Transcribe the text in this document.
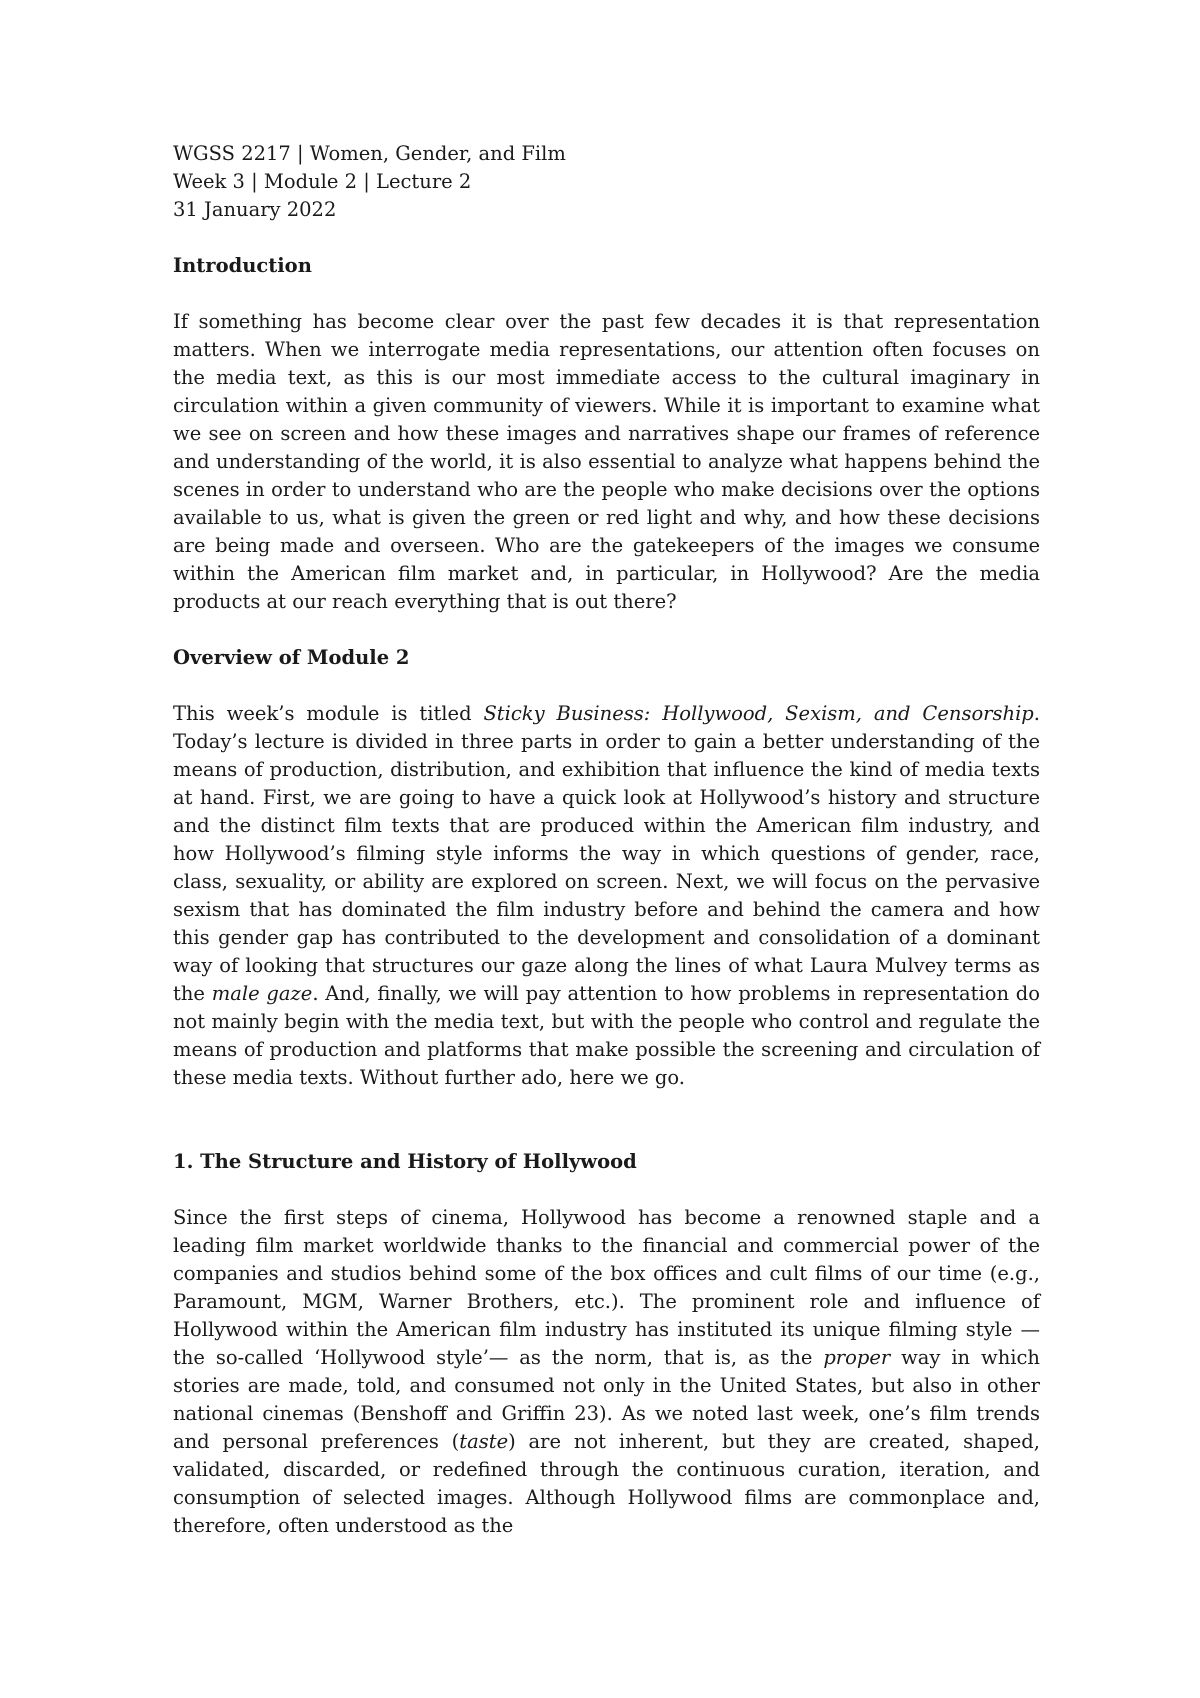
WGSS 2217 | Women, Gender, and Film
Week 3 | Module 2 | Lecture 2
31 January 2022
Introduction

If something has become clear over the past few decades it is that representation matters. When we interrogate media representations, our attention often focuses on the media text, as this is our most immediate access to the cultural imaginary in circulation within a given community of viewers. While it is important to examine what we see on screen and how these images and narratives shape our frames of reference and understanding of the world, it is also essential to analyze what happens behind the scenes in order to understand who are the people who make decisions over the options available to us, what is given the green or red light and why, and how these decisions are being made and overseen. Who are the gatekeepers of the images we consume within the American film market and, in particular, in Hollywood? Are the media products at our reach everything that is out there?

Overview of Module 2

This week’s module is titled Sticky Business: Hollywood, Sexism, and Censorship. Today’s lecture is divided in three parts in order to gain a better understanding of the means of production, distribution, and exhibition that influence the kind of media texts at hand. First, we are going to have a quick look at Hollywood’s history and structure and the distinct film texts that are produced within the American film industry, and how Hollywood’s filming style informs the way in which questions of gender, race, class, sexuality, or ability are explored on screen. Next, we will focus on the pervasive sexism that has dominated the film industry before and behind the camera and how this gender gap has contributed to the development and consolidation of a dominant way of looking that structures our gaze along the lines of what Laura Mulvey terms as the male gaze. And, finally, we will pay attention to how problems in representation do not mainly begin with the media text, but with the people who control and regulate the means of production and platforms that make possible the screening and circulation of these media texts. Without further ado, here we go.

1. The Structure and History of Hollywood

Since the first steps of cinema, Hollywood has become a renowned staple and a leading film market worldwide thanks to the financial and commercial power of the companies and studios behind some of the box offices and cult films of our time (e.g., Paramount, MGM, Warner Brothers, etc.). The prominent role and influence of Hollywood within the American film industry has instituted its unique filming style —the so-called ‘Hollywood style’— as the norm, that is, as the proper way in which stories are made, told, and consumed not only in the United States, but also in other national cinemas (Benshoff and Griffin 23). As we noted last week, one’s film trends and personal preferences (taste) are not inherent, but they are created, shaped, validated, discarded, or redefined through the continuous curation, iteration, and consumption of selected images. Although Hollywood films are commonplace and, therefore, often understood as the
